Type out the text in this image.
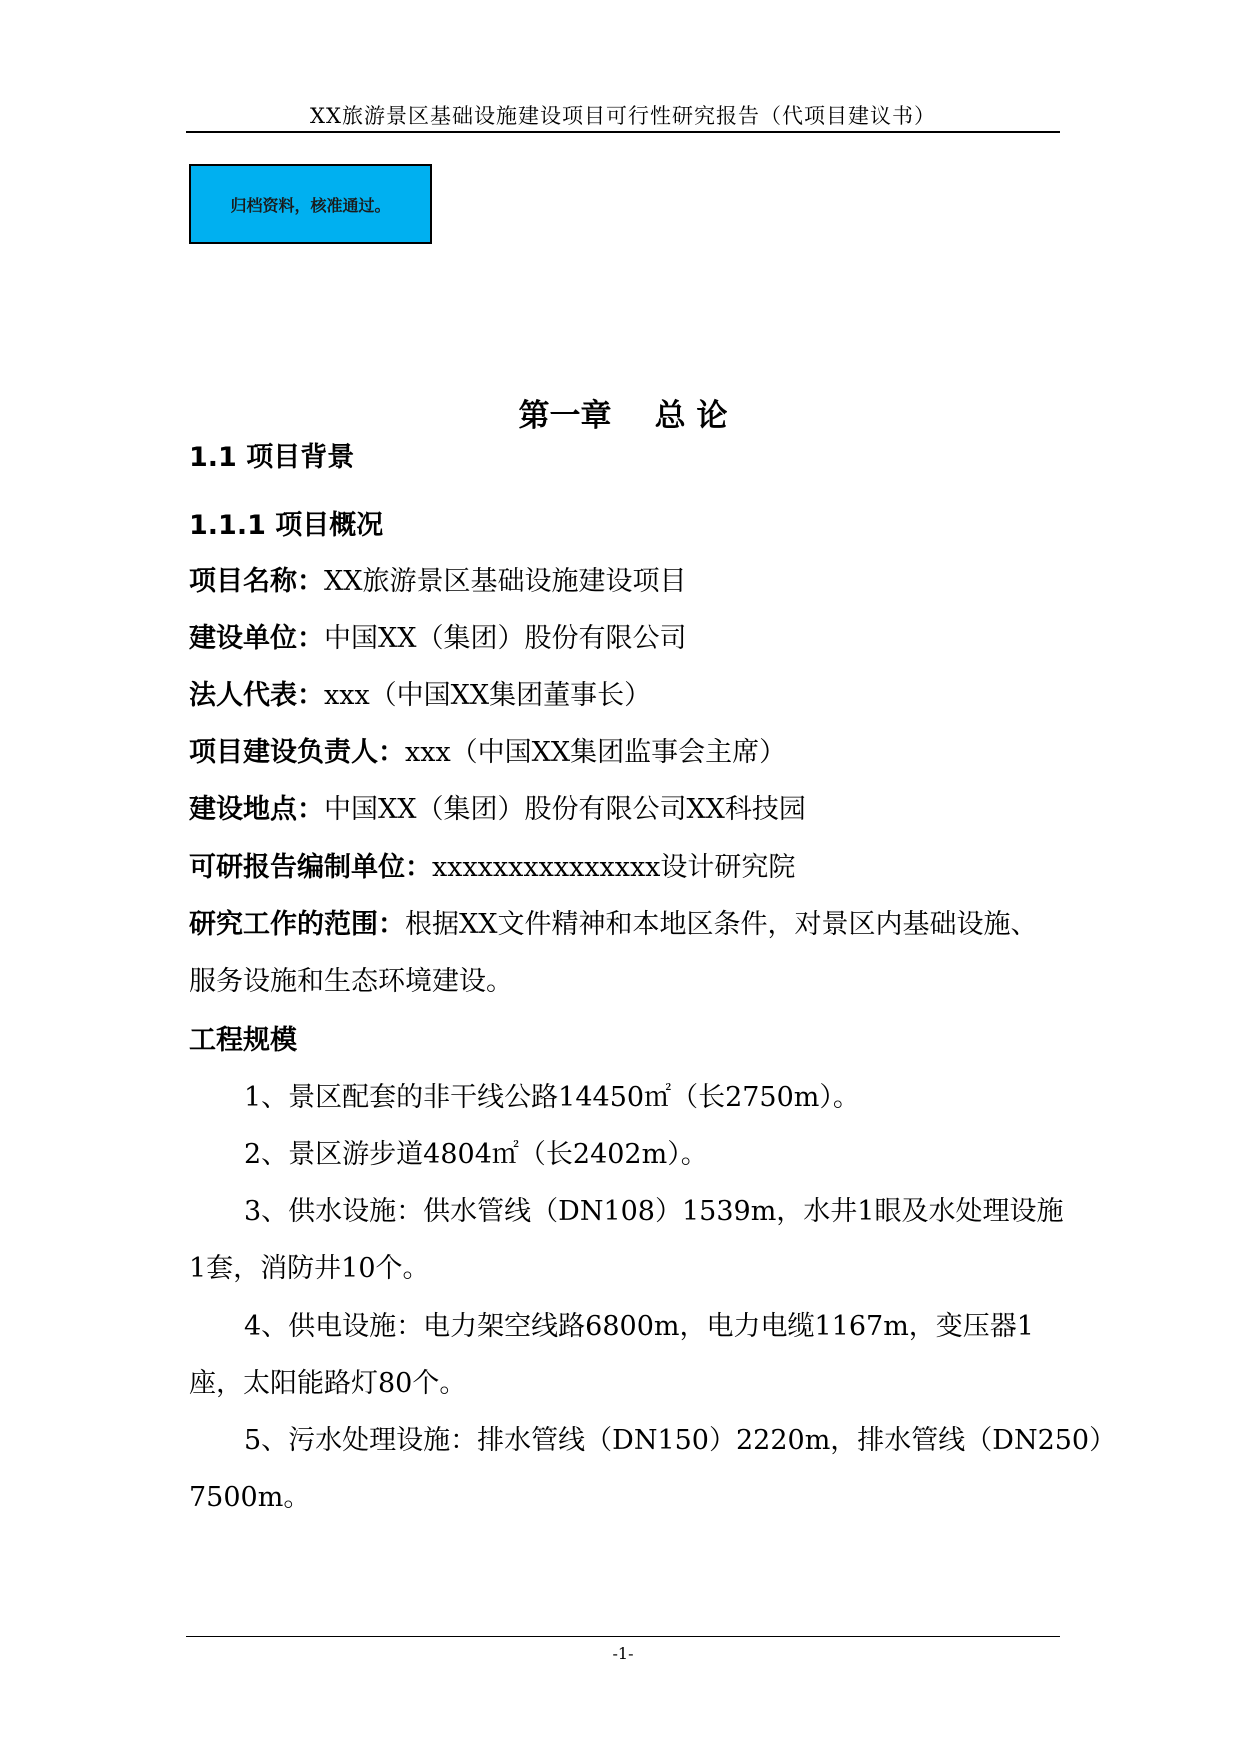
XX旅游景区基础设施建设项目可行性研究报告（代项目建议书）
归档资料，核准通过。
第一章    总 论
1.1 项目背景
1.1.1 项目概况
项目名称：XX旅游景区基础设施建设项目
建设单位：中国XX（集团）股份有限公司
法人代表：xxx（中国XX集团董事长）
项目建设负责人：xxx（中国XX集团监事会主席）
建设地点：中国XX（集团）股份有限公司XX科技园
可研报告编制单位：xxxxxxxxxxxxxxx设计研究院
研究工作的范围：根据XX文件精神和本地区条件，对景区内基础设施、
服务设施和生态环境建设。
工程规模
1、景区配套的非干线公路14450㎡（长2750m）。
2、景区游步道4804㎡（长2402m）。
3、供水设施：供水管线（DN108）1539m，水井1眼及水处理设施
1套，消防井10个。
4、供电设施：电力架空线路6800m，电力电缆1167m，变压器1
座，太阳能路灯80个。
5、污水处理设施：排水管线（DN150）2220m，排水管线（DN250）
7500m。
-1-
